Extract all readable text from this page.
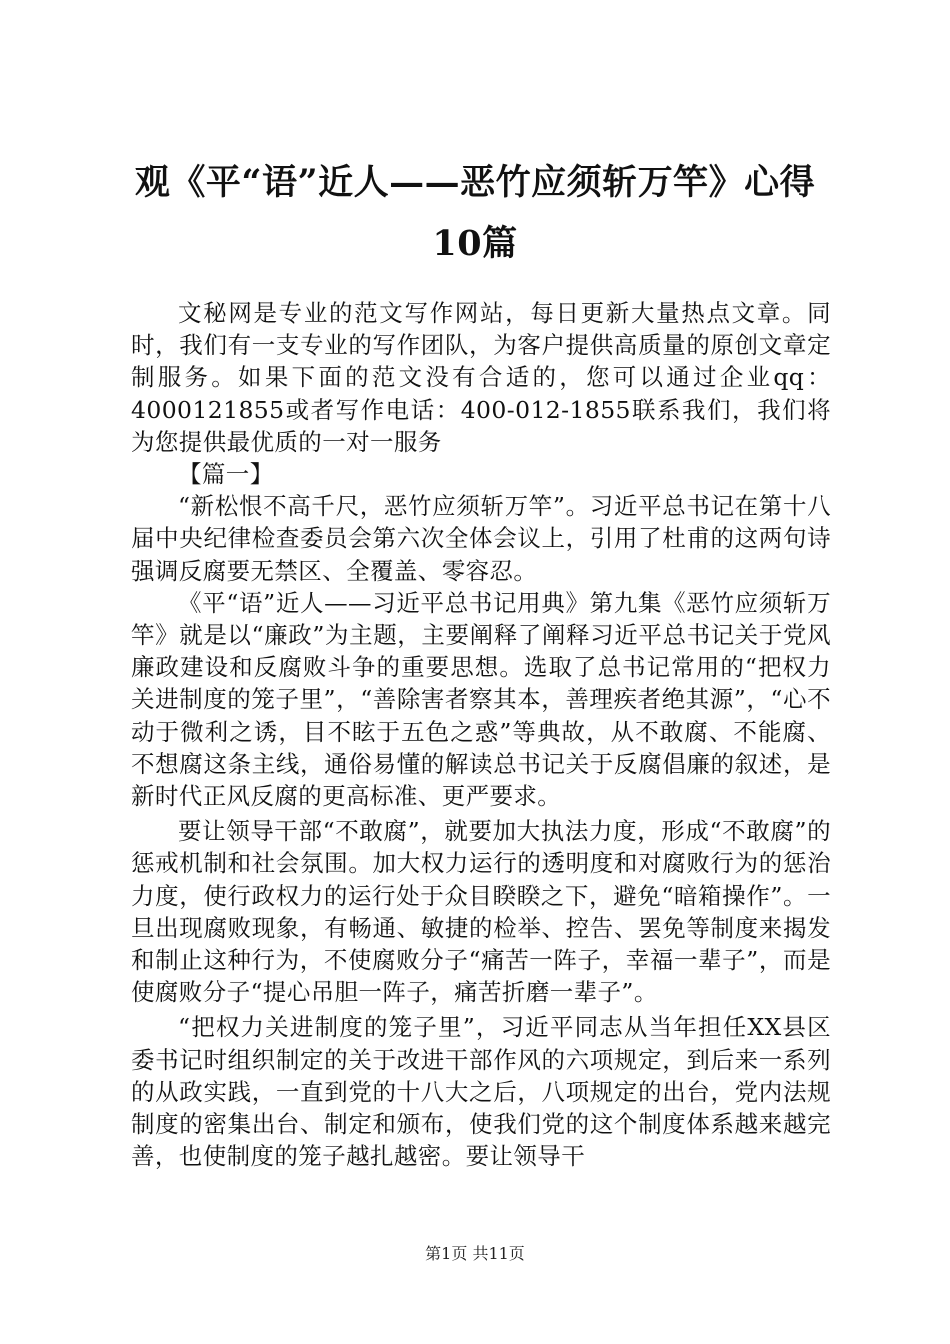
观《平“语”近人——恶竹应须斩万竿》心得
10篇

文秘网是专业的范文写作网站，每日更新大量热点文章。同时，我们有一支专业的写作团队，为客户提供高质量的原创文章定制服务。如果下面的范文没有合适的，您可以通过企业qq：4000121855或者写作电话：400-012-1855联系我们，我们将为您提供最优质的一对一服务

【篇一】

“新松恨不高千尺，恶竹应须斩万竿”。习近平总书记在第十八届中央纪律检查委员会第六次全体会议上，引用了杜甫的这两句诗强调反腐要无禁区、全覆盖、零容忍。

《平“语”近人——习近平总书记用典》第九集《恶竹应须斩万竿》就是以“廉政”为主题，主要阐释了阐释习近平总书记关于党风廉政建设和反腐败斗争的重要思想。选取了总书记常用的“把权力关进制度的笼子里”，“善除害者察其本，善理疾者绝其源”，“心不动于微利之诱，目不眩于五色之惑”等典故，从不敢腐、不能腐、不想腐这条主线，通俗易懂的解读总书记关于反腐倡廉的叙述，是新时代正风反腐的更高标准、更严要求。

要让领导干部“不敢腐”，就要加大执法力度，形成“不敢腐”的惩戒机制和社会氛围。加大权力运行的透明度和对腐败行为的惩治力度，使行政权力的运行处于众目睽睽之下，避免“暗箱操作”。一旦出现腐败现象，有畅通、敏捷的检举、控告、罢免等制度来揭发和制止这种行为，不使腐败分子“痛苦一阵子，幸福一辈子”，而是使腐败分子“提心吊胆一阵子，痛苦折磨一辈子”。

“把权力关进制度的笼子里”，习近平同志从当年担任XX县区委书记时组织制定的关于改进干部作风的六项规定，到后来一系列的从政实践，一直到党的十八大之后，八项规定的出台，党内法规制度的密集出台、制定和颁布，使我们党的这个制度体系越来越完善，也使制度的笼子越扎越密。要让领导干

第1页 共11页
